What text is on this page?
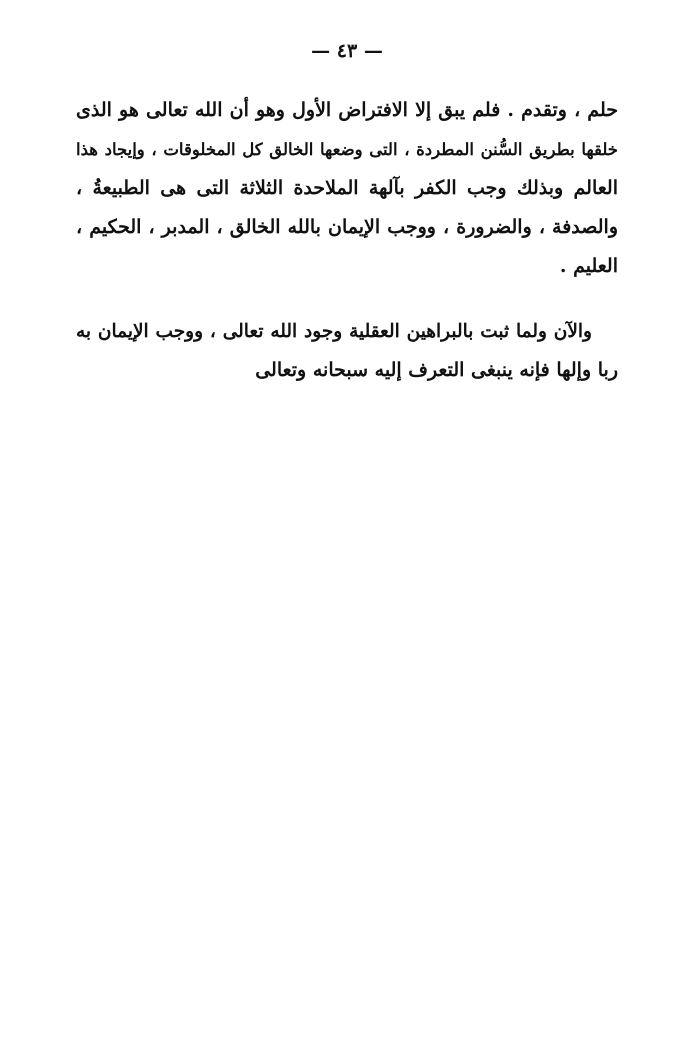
— ٤٣ —
ُحلم ، وتقدم . فلم يبق إلا الافتراض الأول وهو أن الله تعالى هو الذى
خلقها بطريق السُّنن المطردة ، التى وضعها الخالق كل المخلوقات ، وإيجاد هذا
العالم وبذلك وجب الكفر بآلهة الملاحدة الثلاثة التى هى الطبيعةُ ،
والصدفة ، والضرورة ، ووجب الإيمان بالله الخالق ، المدبر ، الحكيم ،
العليم .
والآن ولما ثبت بالبراهين العقلية وجود الله تعالى ، ووجب الإيمان به
ربا وإلها فإنه ينبغى التعرف إليه سبحانه وتعالى
